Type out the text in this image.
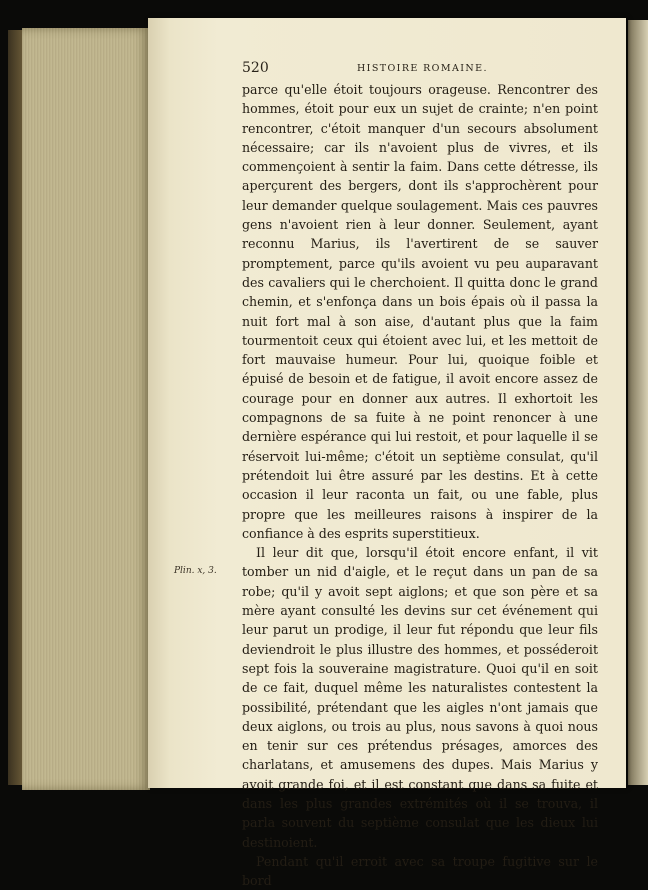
520	HISTOIRE ROMAINE.

parce qu'elle étoit toujours orageuse. Rencontrer des hommes, étoit pour eux un sujet de crainte; n'en point rencontrer, c'étoit manquer d'un secours absolument nécessaire; car ils n'avoient plus de vivres, et ils commençoient à sentir la faim. Dans cette détresse, ils aperçurent des bergers, dont ils s'approchèrent pour leur demander quelque soulagement. Mais ces pauvres gens n'avoient rien à leur donner. Seulement, ayant reconnu Marius, ils l'avertirent de se sauver promptement, parce qu'ils avoient vu peu auparavant des cavaliers qui le cherchoient. Il quitta donc le grand chemin, et s'enfonça dans un bois épais où il passa la nuit fort mal à son aise, d'autant plus que la faim tourmentoit ceux qui étoient avec lui, et les mettoit de fort mauvaise humeur. Pour lui, quoique foible et épuisé de besoin et de fatigue, il avoit encore assez de courage pour en donner aux autres. Il exhortoit les compagnons de sa fuite à ne point renoncer à une dernière espérance qui lui restoit, et pour laquelle il se réservoit lui-même; c'étoit un septième consulat, qu'il prétendoit lui être assuré par les destins. Et à cette occasion il leur raconta un fait, ou une fable, plus propre que les meilleures raisons à inspirer de la confiance à des esprits superstitieux.

Il leur dit que, lorsqu'il étoit encore enfant, il vit tomber un nid d'aigle, et le reçut dans un pan de sa robe; qu'il y avoit sept aiglons; et que son père et sa mère ayant consulté les devins sur cet événement qui leur parut un prodige, il leur fut répondu que leur fils deviendroit le plus illustre des hommes, et posséderoit sept fois la souveraine magistrature. Quoi qu'il en soit de ce fait, duquel même les naturalistes contestent la possibilité, prétendant que les aigles n'ont jamais que deux aiglons, ou trois au plus, nous savons à quoi nous en tenir sur ces prétendus présages, amorces des charlatans, et amusemens des dupes. Mais Marius y avoit grande foi, et il est constant que dans sa fuite et dans les plus grandes extrémités où il se trouva, il parla souvent du septième consulat que les dieux lui destinoient.

Pendant qu'il erroit avec sa troupe fugitive sur le bord

Plin. x, 3.
